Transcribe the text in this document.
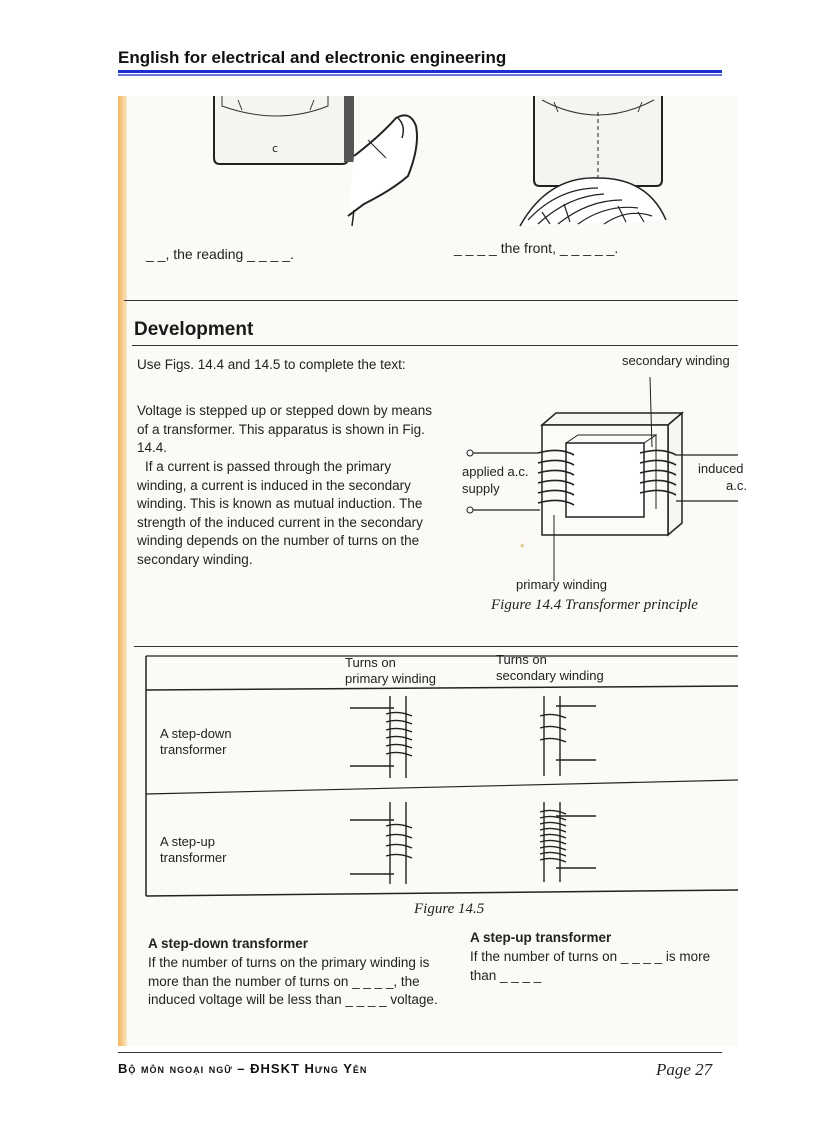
English for electrical and electronic engineering
c
_ _, the reading _ _ _ _.	_ _ _ _ the front, _ _ _ _ _.
Development
Use Figs. 14.4 and 14.5 to complete the text:
Voltage is stepped up or stepped down by means of a transformer. This apparatus is shown in Fig. 14.4.
If a current is passed through the primary winding, a current is induced in the secondary winding. This is known as mutual induction. The strength of the induced current in the secondary winding depends on the number of turns on the secondary winding.
*
secondary winding
applied a.c.
supply
induced
a.c.
primary winding
Figure 14.4 Transformer principle
Turns on
primary winding
Turns on
secondary winding
A step-down
transformer
A step-up
transformer
Figure 14.5
A step-down transformer
If the number of turns on the primary winding is more than the number of turns on _ _ _ _, the induced voltage will be less than _ _ _ _ voltage.
A step-up transformer
If the number of turns on _ _ _ _ is more than _ _ _ _
Bộ môn ngoại ngữ – ĐHSKT Hưng Yên	Page 27
